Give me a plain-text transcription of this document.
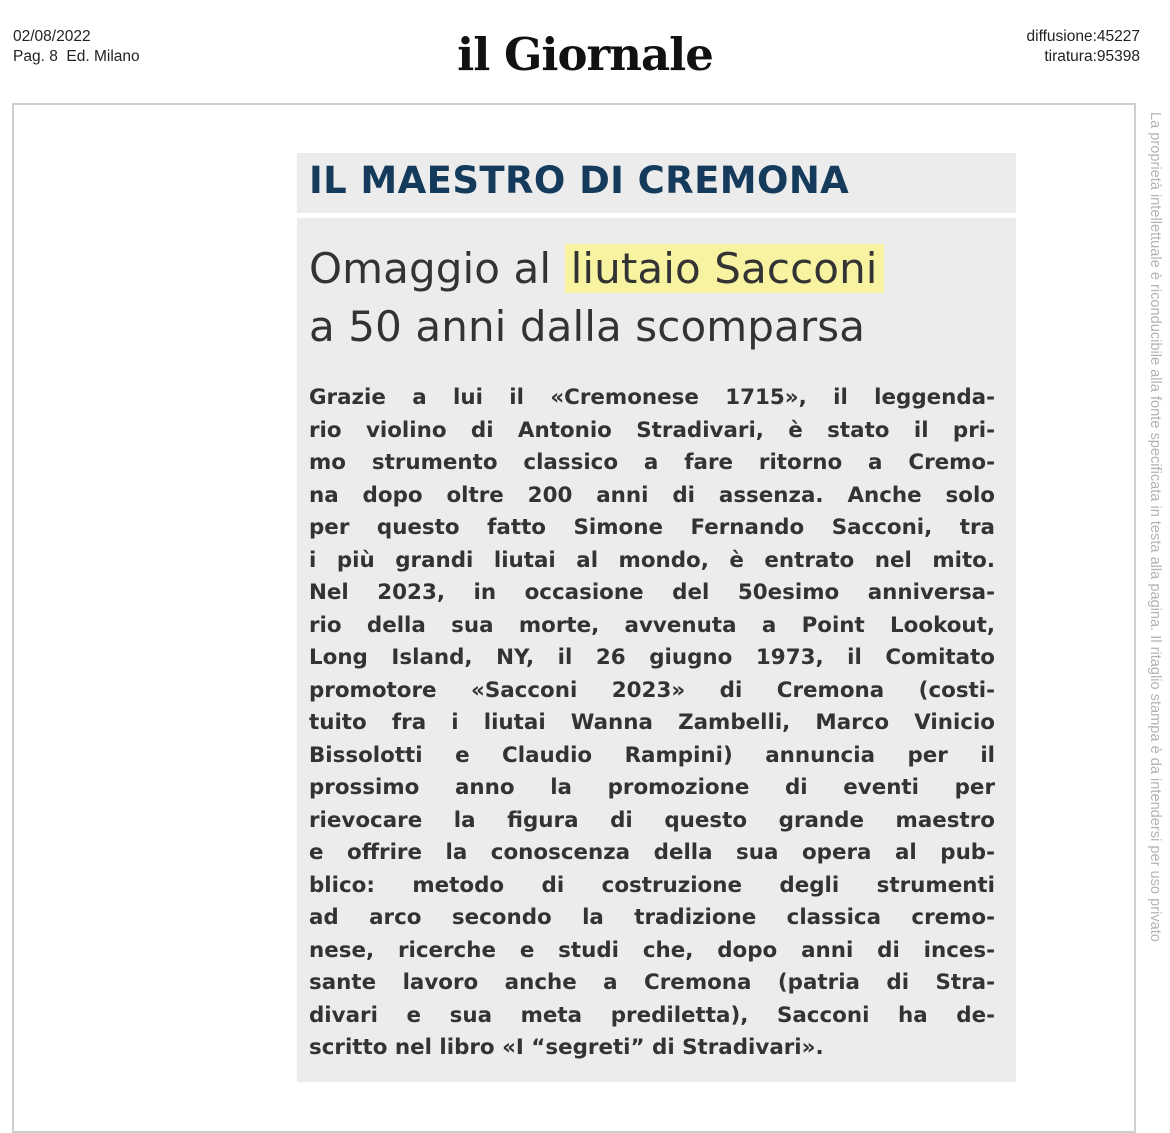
02/08/2022
Pag. 8  Ed. Milano	il Giornale	diffusione:45227
tiratura:95398
La proprietà intellettuale è riconducibile alla fonte specificata in testa alla pagina. Il ritaglio stampa è da intendersi per uso privato
IL MAESTRO DI CREMONA
Omaggio al liutaio Sacconi
a 50 anni dalla scomparsa
Grazie a lui il «Cremonese 1715», il leggenda-
rio violino di Antonio Stradivari, è stato il pri-
mo strumento classico a fare ritorno a Cremo-
na dopo oltre 200 anni di assenza. Anche solo
per questo fatto Simone Fernando Sacconi, tra
i più grandi liutai al mondo, è entrato nel mito.
Nel 2023, in occasione del 50esimo anniversa-
rio della sua morte, avvenuta a Point Lookout,
Long Island, NY, il 26 giugno 1973, il Comitato
promotore «Sacconi 2023» di Cremona (costi-
tuito fra i liutai Wanna Zambelli, Marco Vinicio
Bissolotti e Claudio Rampini) annuncia per il
prossimo anno la promozione di eventi per
rievocare la figura di questo grande maestro
e offrire la conoscenza della sua opera al pub-
blico: metodo di costruzione degli strumenti
ad arco secondo la tradizione classica cremo-
nese, ricerche e studi che, dopo anni di inces-
sante lavoro anche a Cremona (patria di Stra-
divari e sua meta prediletta), Sacconi ha de-
scritto nel libro «I “segreti” di Stradivari».
